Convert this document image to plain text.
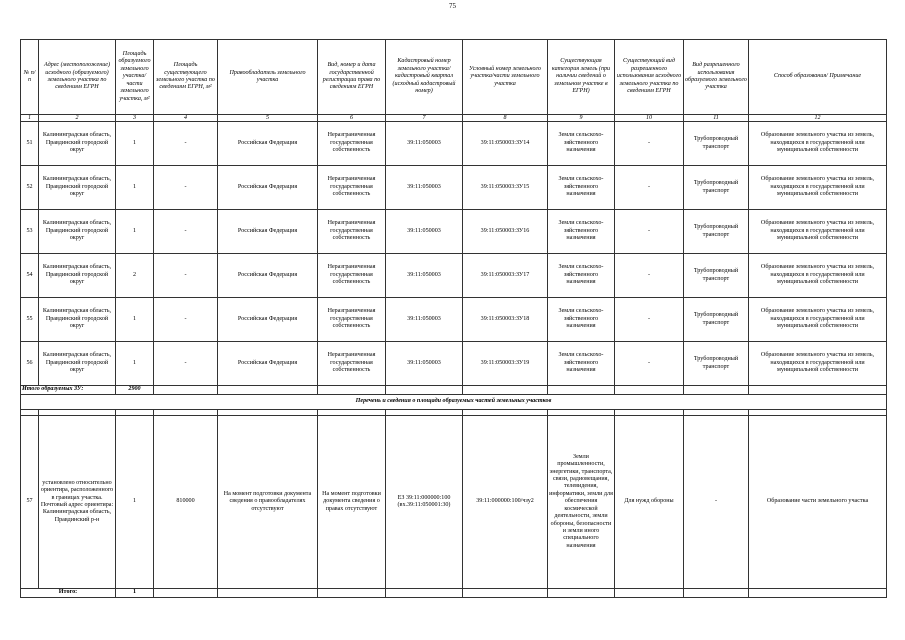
75
№ п/п	Адрес (местоположение) исходного (образуемого) земельного участка по сведениям ЕГРН	Площадь образуемого земельного участка/ части земельного участка, м²	Площадь существующего земельного участка по сведениям ЕГРН, м²	Правообладатель земельного участка	Вид, номер и дата государственной регистрации права по сведениям ЕГРН	Кадастровый номер земельного участка/ кадастровый квартал (исходный кадастровый номер)	Условный номер земельного участка/части земельного участка	Существующая категория земель (при наличии сведений о земельном участке в ЕГРН)	Существующий вид разрешенного использования исходного земельного участка по сведениям ЕГРН	Вид разрешенного использования образуемого земельного участка	Способ образования/ Примечание
1	2	3	4	5	6	7	8	9	10	11	12
51	Калининградская область, Правдинский городской округ	1	-	Российская Федерация	Неразграниченная государственная собственность	39:11:050003	39:11:050003:ЗУ14	Земли сельскохо-зяйственного назначения	-	Трубопроводный транспорт	Образование земельного участка из земель, находящихся в государственной или муниципальной собственности
52	Калининградская область, Правдинский городской округ	1	-	Российская Федерация	Неразграниченная государственная собственность	39:11:050003	39:11:050003:ЗУ15	Земли сельскохо-зяйственного назначения	-	Трубопроводный транспорт	Образование земельного участка из земель, находящихся в государственной или муниципальной собственности
53	Калининградская область, Правдинский городской округ	1	-	Российская Федерация	Неразграниченная государственная собственность	39:11:050003	39:11:050003:ЗУ16	Земли сельскохо-зяйственного назначения	-	Трубопроводный транспорт	Образование земельного участка из земель, находящихся в государственной или муниципальной собственности
54	Калининградская область, Правдинский городской округ	2	-	Российская Федерация	Неразграниченная государственная собственность	39:11:050003	39:11:050003:ЗУ17	Земли сельскохо-зяйственного назначения	-	Трубопроводный транспорт	Образование земельного участка из земель, находящихся в государственной или муниципальной собственности
55	Калининградская область, Правдинский городской округ	1	-	Российская Федерация	Неразграниченная государственная собственность	39:11:050003	39:11:050003:ЗУ18	Земли сельскохо-зяйственного назначения	-	Трубопроводный транспорт	Образование земельного участка из земель, находящихся в государственной или муниципальной собственности
56	Калининградская область, Правдинский городской округ	1	-	Российская Федерация	Неразграниченная государственная собственность	39:11:050003	39:11:050003:ЗУ19	Земли сельскохо-зяйственного назначения	-	Трубопроводный транспорт	Образование земельного участка из земель, находящихся в государственной или муниципальной собственности
Итого образуемых ЗУ:		2900									
Перечень и сведения о площади образуемых частей земельных участков											

57	установлено относительно ориентира, расположенного в границах участка. Почтовый адрес ориентира: Калининградская область, Правдинский р-н	1	810000	На момент подготовки документа сведения о правообладателях отсутствуют	На момент подготовки документа сведения о правах отсутствуют	ЕЗ 39:11:000000:100 (вх.39:11:050001:30)	39:11:000000:100/чзу2	Земли промышленности, энергетики, транспорта, связи, радиовещания, телевидения, информатики, земли для обеспечения космической деятельности, земли обороны, безопасности и земли иного специального назначения	Для нужд обороны	-	Образование части земельного участка
Итого:		1									
